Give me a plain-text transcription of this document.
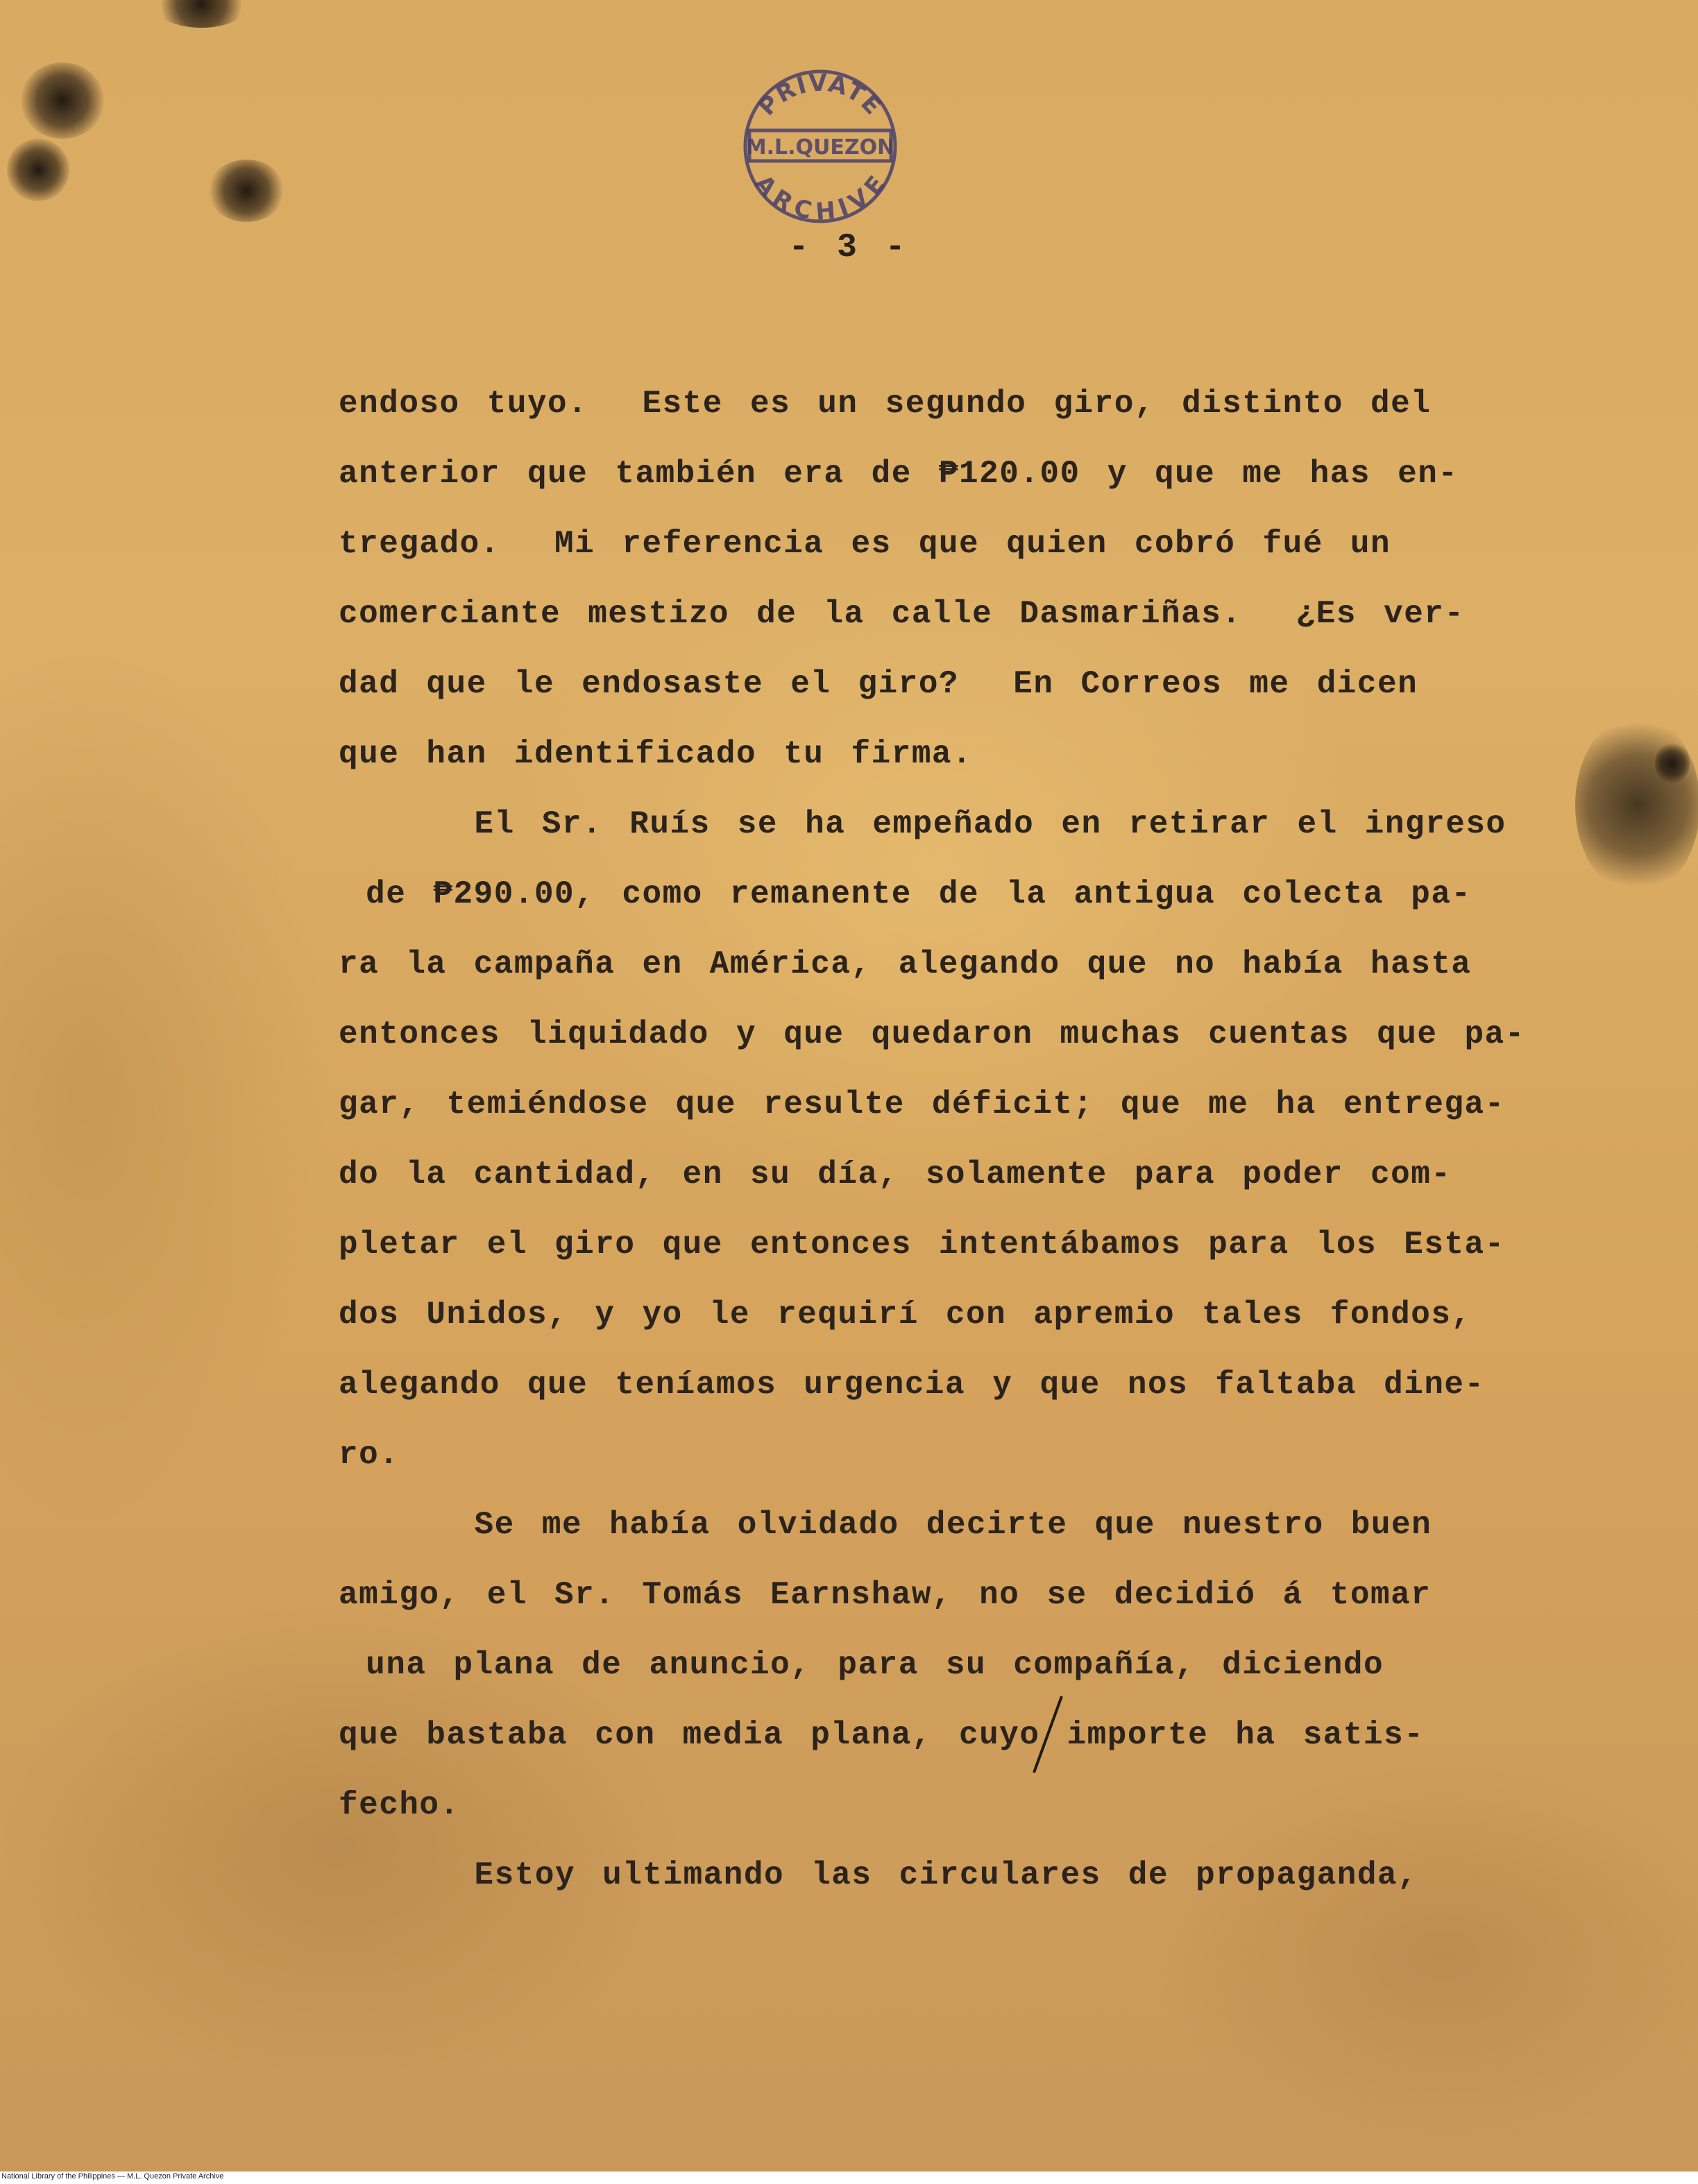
PRIVATE
M.L.QUEZON
ARCHIVE
- 3 -
endoso tuyo.  Este es un segundo giro, distinto del
anterior que también era de ₱120.00 y que me has en-
tregado.  Mi referencia es que quien cobró fué un
comerciante mestizo de la calle Dasmariñas.  ¿Es ver-
dad que le endosaste el giro?  En Correos me dicen
que han identificado tu firma.
El Sr. Ruís se ha empeñado en retirar el ingreso
de ₱290.00, como remanente de la antigua colecta pa-
ra la campaña en América, alegando que no había hasta
entonces liquidado y que quedaron muchas cuentas que pa-
gar, temiéndose que resulte déficit; que me ha entrega-
do la cantidad, en su día, solamente para poder com-
pletar el giro que entonces intentábamos para los Esta-
dos Unidos, y yo le requirí con apremio tales fondos,
alegando que teníamos urgencia y que nos faltaba dine-
ro.
Se me había olvidado decirte que nuestro buen
amigo, el Sr. Tomás Earnshaw, no se decidió á tomar
una plana de anuncio, para su compañía, diciendo
que bastaba con media plana, cuyo importe ha satis-
fecho.
Estoy ultimando las circulares de propaganda,
National Library of the Philippines — M.L. Quezon Private Archive
